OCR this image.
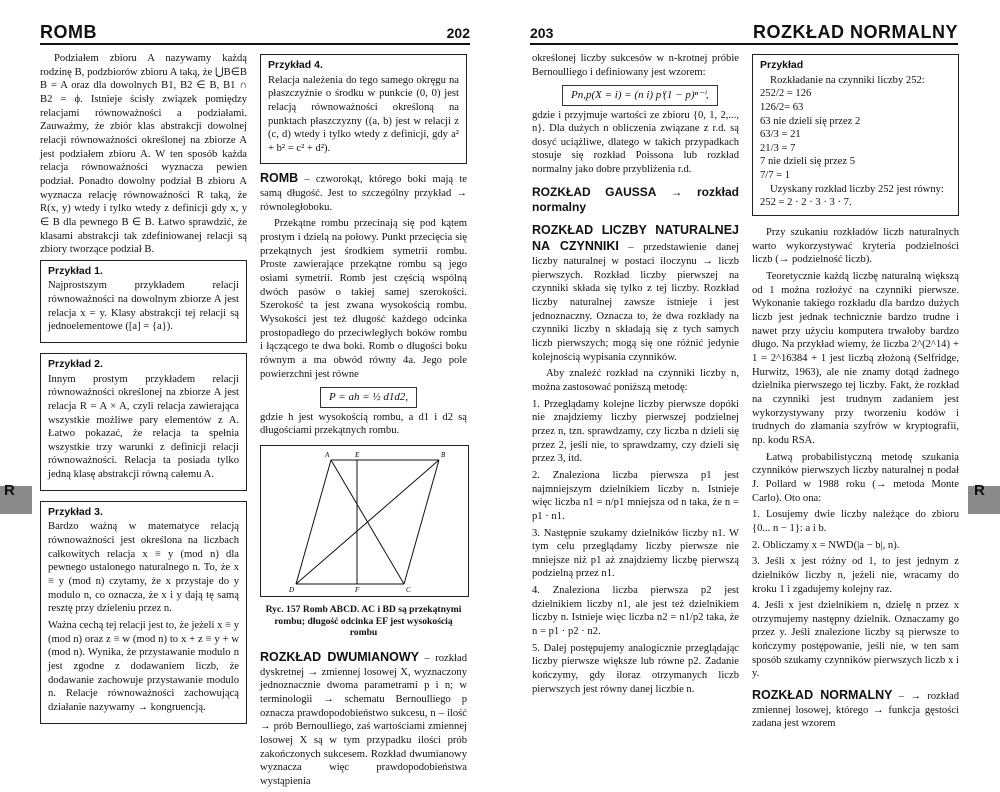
ROMB	202	203	ROZKŁAD NORMALNY
R	R

Podziałem zbioru A nazywamy każdą rodzinę B, podzbiorów zbioru A taką, że ⋃B∈B B = A oraz dla dowolnych B1, B2 ∈ B, B1 ∩ B2 = ϕ. Istnieje ścisły związek pomiędzy relacjami równoważności a podziałami. Zauważmy, że zbiór klas abstrakcji dowolnej relacji równoważności określonej na zbiorze A jest podziałem zbioru A. W ten sposób każda relacja równoważności wyznacza pewien podział. Ponadto dowolny podział B zbioru A wyznacza relację równoważności R taką, że R(x, y) wtedy i tylko wtedy z definicji gdy x, y ∈ B dla pewnego B ∈ B. Łatwo sprawdzić, że klasami abstrakcji tak zdefiniowanej relacji są zbiory tworzące podział B.

Przykład 1.

Najprostszym przykładem relacji równoważności na dowolnym zbiorze A jest relacja x = y. Klasy abstrakcji tej relacji są jednoelementowe ([a] = {a}).

Przykład 2.

Innym prostym przykładem relacji równoważności określonej na zbiorze A jest relacja R = A × A, czyli relacja zawierająca wszystkie możliwe pary elementów z A. Łatwo pokazać, że relacja ta spełnia wszystkie trzy warunki z definicji relacji równoważności. Relacja ta posiada tylko jedną klasę abstrakcji równą całemu A.

Przykład 3.

Bardzo ważną w matematyce relacją równoważności jest określona na liczbach całkowitych relacja x ≡ y (mod n) dla pewnego ustalonego naturalnego n. To, że x ≡ y (mod n) czytamy, że x przystaje do y modulo n, co oznacza, że x i y dają tę samą resztę przy dzieleniu przez n.

Ważna cechą tej relacji jest to, że jeżeli x ≡ y (mod n) oraz z ≡ w (mod n) to x + z ≡ y + w (mod n). Wynika, że przystawanie modulo n jest zgodne z dodawaniem liczb, że dodawanie zachowuje przystawanie modulo n. Relacje równoważności zachowującą działanie nazywamy → kongruencją.

Przykład 4.

Relacja należenia do tego samego okręgu na płaszczyźnie o środku w punkcie (0, 0) jest relacją równoważności określoną na punktach płaszczyzny ((a, b) jest w relacji z (c, d) wtedy i tylko wtedy z definicji, gdy a² + b² = c² + d²).

ROMB – czworokąt, którego boki mają te samą długość. Jest to szczególny przykład → równoległoboku.

Przekątne rombu przecinają się pod kątem prostym i dzielą na połowy. Punkt przecięcia się przekątnych jest środkiem symetrii rombu. Proste zawierające przekątne rombu są jego osiami symetrii. Romb jest częścią wspólną dwóch pasów o takiej samej szerokości. Szerokość ta jest zwana wysokością rombu. Wysokości jest też długość każdego odcinka prostopadłego do przeciwległych boków rombu i łączącego te dwa boki. Romb o długości boku równym a ma obwód równy 4a. Jego pole powierzchni jest równe

P = ah = ½ d1d2,

gdzie h jest wysokością rombu, a d1 i d2 są długościami przekątnych rombu.

D
A	B
C
E
F
Ryc. 157 Romb ABCD. AC i BD są przekątnymi rombu; długość odcinka EF jest wysokością rombu

ROZKŁAD DWUMIANOWY – rozkład dyskretnej → zmiennej losowej X, wyznaczony jednoznacznie dwoma parametrami p i n; w terminologii → schematu Bernoulliego p oznacza prawdopodobieństwo sukcesu, n – ilość → prób Bernoulliego, zaś wartościami zmiennej losowej X są w tym przypadku ilości prób zakończonych sukcesem. Rozkład dwumianowy wyznacza więc prawdopodobieństwa wystąpienia

określonej liczby sukcesów w n-krotnej próbie Bernoulliego i definiowany jest wzorem:

Pn,p(X = i) = (n i) pⁱ(1 − p)ⁿ⁻ⁱ,

gdzie i przyjmuje wartości ze zbioru {0, 1, 2,..., n}. Dla dużych n obliczenia związane z r.d. są dosyć uciążliwe, dlatego w takich przypadkach stosuje się rozkład Poissona lub rozkład normalny jako dobre przybliżenia r.d.

ROZKŁAD GAUSSA → rozkład normalny

ROZKŁAD LICZBY NATURALNEJ NA CZYNNIKI – przedstawienie danej liczby naturalnej w postaci iloczynu → liczb pierwszych. Rozkład liczby pierwszej na czynniki składa się tylko z tej liczby. Rozkład liczby naturalnej zawsze istnieje i jest jednoznaczny. Oznacza to, że dwa rozkłady na czynniki liczby n składają się z tych samych liczb pierwszych; mogą się one różnić jedynie kolejnością wypisania czynników.

Aby znaleźć rozkład na czynniki liczby n, można zastosować poniższą metodę:

1. Przeglądamy kolejne liczby pierwsze dopóki nie znajdziemy liczby pierwszej podzielnej przez n, tzn. sprawdzamy, czy liczba n dzieli się przez 2, jeśli nie, to sprawdzamy, czy dzieli się przez 3, itd.

2. Znaleziona liczba pierwsza p1 jest najmniejszym dzielnikiem liczby n. Istnieje więc liczba n1 = n/p1 mniejsza od n taka, że n = p1 · n1.

3. Następnie szukamy dzielników liczby n1. W tym celu przeglądamy liczby pierwsze nie mniejsze niż p1 aż znajdziemy liczbę pierwszą podzielną przez n1.

4. Znaleziona liczba pierwsza p2 jest dzielnikiem liczby n1, ale jest też dzielnikiem liczby n. Istnieje więc liczba n2 = n1/p2 taka, że n = p1 · p2 · n2.

5. Dalej postępujemy analogicznie przeglądając liczby pierwsze większe lub równe p2. Zadanie kończymy, gdy iloraz otrzymanych liczb pierwszych jest równy danej liczbie n.

Przykład
Rozkładanie na czynniki liczby 252:
252/2 = 126
126/2= 63
63 nie dzieli się przez 2
63/3 = 21
21/3 = 7
7 nie dzieli się przez 5
7/7 = 1
Uzyskany rozkład liczby 252 jest równy:
252 = 2 · 2 · 3 · 3 · 7.

Przy szukaniu rozkładów liczb naturalnych warto wykorzystywać kryteria podzielności liczb (→ podzielność liczb).

Teoretycznie każdą liczbę naturalną większą od 1 można rozłożyć na czynniki pierwsze. Wykonanie takiego rozkładu dla bardzo dużych liczb jest jednak technicznie bardzo trudne i nawet przy użyciu komputera trwałoby bardzo długo. Na przykład wiemy, że liczba 2^(2^14) + 1 = 2^16384 + 1 jest liczbą złożoną (Selfridge, Hurwitz, 1963), ale nie znamy dotąd żadnego dzielnika pierwszego tej liczby. Fakt, że rozkład na czynniki jest trudnym zadaniem jest wykorzystywany przy tworzeniu kodów i trudnych do złamania szyfrów w kryptografii, np. kodu RSA.

Łatwą probabilistyczną metodę szukania czynników pierwszych liczby naturalnej n podał J. Pollard w 1988 roku (→ metoda Monte Carlo). Oto ona:

1. Losujemy dwie liczby należące do zbioru {0... n − 1}: a i b.

2. Obliczamy x = NWD(|a − b|, n).

3. Jeśli x jest różny od 1, to jest jednym z dzielników liczby n, jeżeli nie, wracamy do kroku 1 i zgadujemy kolejny raz.

4. Jeśli x jest dzielnikiem n, dzielę n przez x otrzymujemy następny dzielnik. Oznaczamy go przez y. Jeśli znalezione liczby są pierwsze to kończymy postępowanie, jeśli nie, w ten sam sposób szukamy czynników pierwszych liczb x i y.

ROZKŁAD NORMALNY – → rozkład zmiennej losowej, którego → funkcja gęstości zadana jest wzorem
